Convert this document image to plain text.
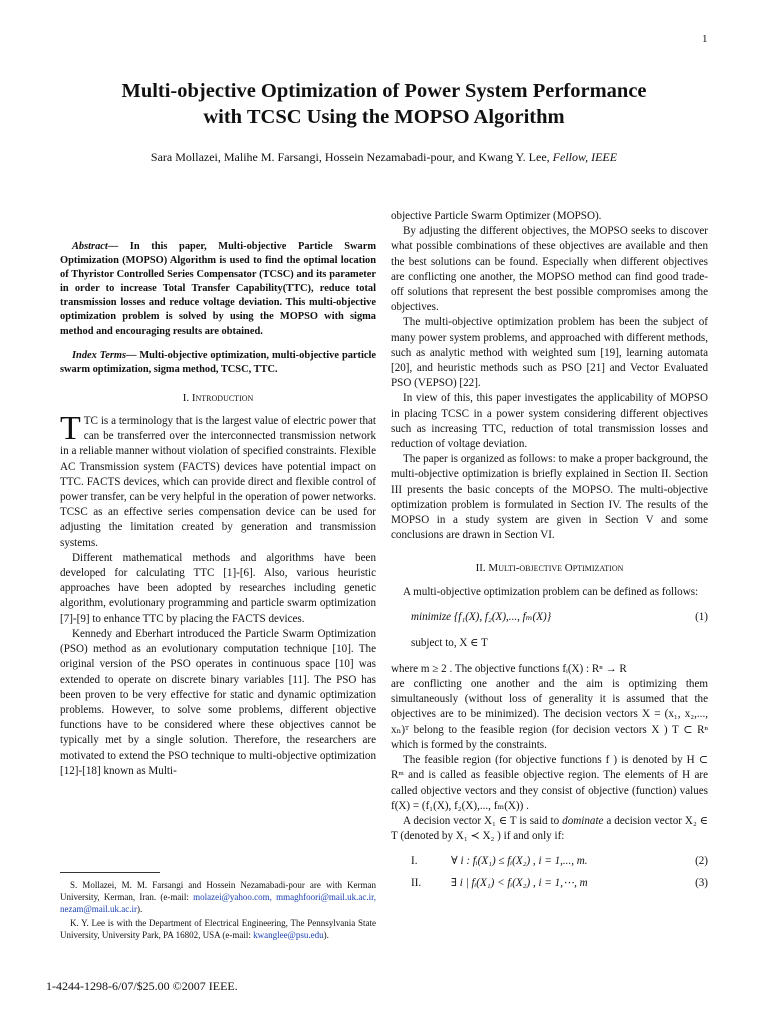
1
Multi-objective Optimization of Power System Performance
with TCSC Using the MOPSO Algorithm
Sara Mollazei, Malihe M. Farsangi, Hossein Nezamabadi-pour, and Kwang Y. Lee, Fellow, IEEE

Abstract— In this paper, Multi-objective Particle Swarm Optimization (MOPSO) Algorithm is used to find the optimal location of Thyristor Controlled Series Compensator (TCSC) and its parameter in order to increase Total Transfer Capability(TTC), reduce total transmission losses and reduce voltage deviation. This multi-objective optimization problem is solved by using the MOPSO with sigma method and encouraging results are obtained.

Index Terms— Multi-objective optimization, multi-objective particle swarm optimization, sigma method, TCSC, TTC.

I. Introduction

TTC is a terminology that is the largest value of electric power that can be transferred over the interconnected transmission network in a reliable manner without violation of specified constraints. Flexible AC Transmission system (FACTS) devices have potential impact on TTC. FACTS devices, which can provide direct and flexible control of power transfer, can be very helpful in the operation of power networks. TCSC as an effective series compensation device can be used for adjusting the limitation created by generation and transmission systems.

Different mathematical methods and algorithms have been developed for calculating TTC [1]-[6]. Also, various heuristic approaches have been adopted by researches including genetic algorithm, evolutionary programming and particle swarm optimization [7]-[9] to enhance TTC by placing the FACTS devices.

Kennedy and Eberhart introduced the Particle Swarm Optimization (PSO) method as an evolutionary computation technique [10]. The original version of the PSO operates in continuous space [10] was extended to operate on discrete binary variables [11]. The PSO has been proven to be very effective for static and dynamic optimization problems. However, to solve some problems, different objective functions have to be considered where these objectives cannot be typically met by a single solution. Therefore, the researchers are motivated to extend the PSO technique to multi-objective optimization [12]-[18] known as Multi-

objective Particle Swarm Optimizer (MOPSO).

By adjusting the different objectives, the MOPSO seeks to discover what possible combinations of these objectives are available and then the best solutions can be found. Especially when different objectives are conflicting one another, the MOPSO method can find good trade-off solutions that represent the best possible compromises among the objectives.

The multi-objective optimization problem has been the subject of many power system problems, and approached with different methods, such as analytic method with weighted sum [19], learning automata [20], and heuristic methods such as PSO [21] and Vector Evaluated PSO (VEPSO) [22].

In view of this, this paper investigates the applicability of MOPSO in placing TCSC in a power system considering different objectives such as increasing TTC, reduction of total transmission losses and reduction of voltage deviation.

The paper is organized as follows: to make a proper background, the multi-objective optimization is briefly explained in Section II. Section III presents the basic concepts of the MOPSO. The multi-objective optimization problem is formulated in Section IV. The results of the MOPSO in a study system are given in Section V and some conclusions are drawn in Section VI.

II. Multi-objective Optimization

A multi-objective optimization problem can be defined as follows:

minimize {f₁(X), f₂(X),..., fₘ(X)}	(1)
subject to, X ∈ T

where m ≥ 2 . The objective functions fᵢ(X) : Rⁿ → R

are conflicting one another and the aim is optimizing them simultaneously (without loss of generality it is assumed that the objectives are to be minimized). The decision vectors X = (x₁, x₂,..., xₙ)ᵀ belong to the feasible region (for decision vectors X ) T ⊂ Rⁿ which is formed by the constraints.

The feasible region (for objective functions f ) is denoted by H ⊂ Rᵐ and is called as feasible objective region. The elements of H are called objective vectors and they consist of objective (function) values f(X) = (f₁(X), f₂(X),..., fₘ(X)) .

A decision vector X₁ ∈ T is said to dominate a decision vector X₂ ∈ T (denoted by X₁ ≺ X₂ ) if and only if:

I.	∀ i : fᵢ(X₁) ≤ fᵢ(X₂) , i = 1,..., m.	(2)
II.	∃ i | fᵢ(X₁) < fᵢ(X₂) , i = 1,⋯, m	(3)

S. Mollazei, M. M. Farsangi and Hossein Nezamabadi-pour are with Kerman University, Kerman, Iran. (e-mail: molazei@yahoo.com, mmaghfoori@mail.uk.ac.ir, nezam@mail.uk.ac.ir).

K. Y. Lee is with the Department of Electrical Engineering, The Pennsylvania State University, University Park, PA 16802, USA (e-mail: kwanglee@psu.edu).

1-4244-1298-6/07/$25.00 ©2007 IEEE.
